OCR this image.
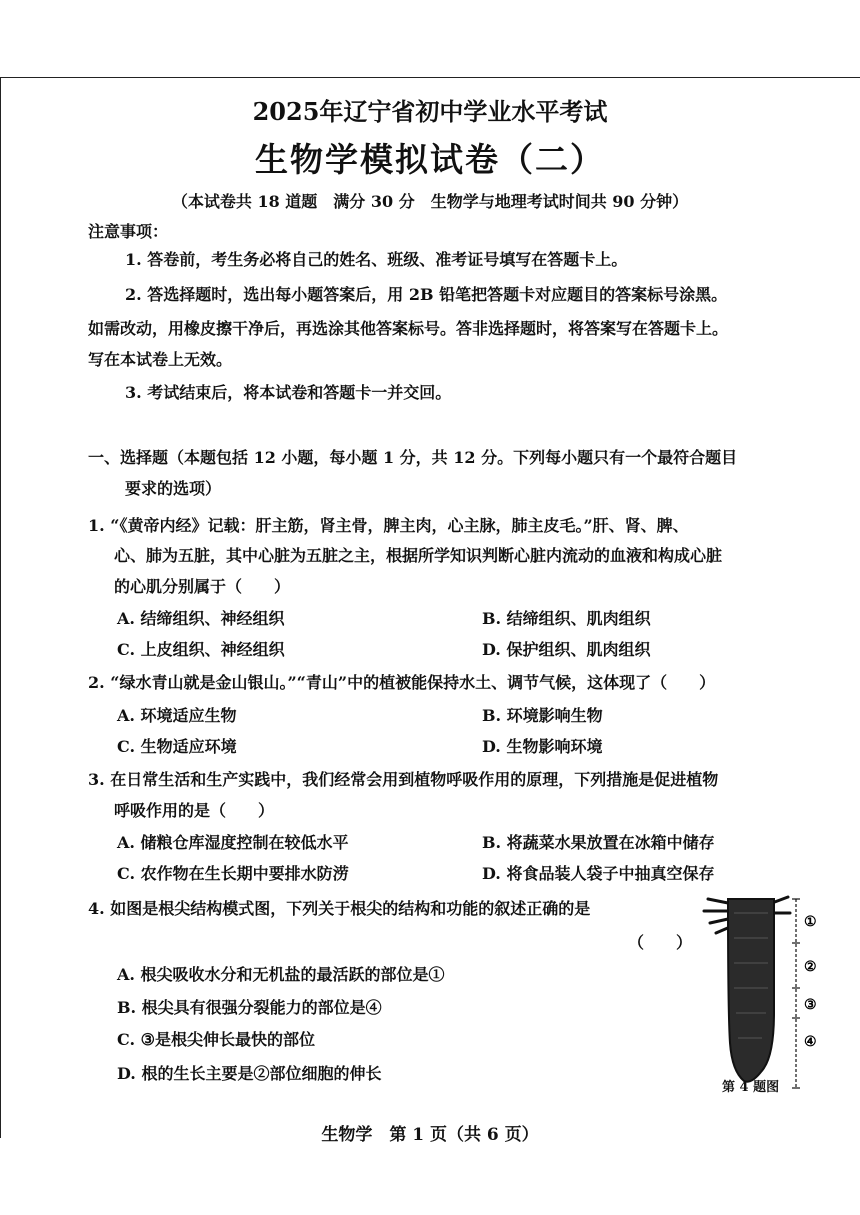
2025年辽宁省初中学业水平考试
生物学模拟试卷（二）
（本试卷共 18 道题　满分 30 分　生物学与地理考试时间共 90 分钟）
注意事项：
1. 答卷前，考生务必将自己的姓名、班级、准考证号填写在答题卡上。
2. 答选择题时，选出每小题答案后，用 2B 铅笔把答题卡对应题目的答案标号涂黑。
如需改动，用橡皮擦干净后，再选涂其他答案标号。答非选择题时，将答案写在答题卡上。
写在本试卷上无效。
3. 考试结束后，将本试卷和答题卡一并交回。
一、选择题（本题包括 12 小题，每小题 1 分，共 12 分。下列每小题只有一个最符合题目
要求的选项）
1. “《黄帝内经》记载：肝主筋，肾主骨，脾主肉，心主脉，肺主皮毛。”肝、肾、脾、
心、肺为五脏，其中心脏为五脏之主，根据所学知识判断心脏内流动的血液和构成心脏
的心肌分别属于（　　）
A. 结缔组织、神经组织	B. 结缔组织、肌肉组织
C. 上皮组织、神经组织	D. 保护组织、肌肉组织
2. “绿水青山就是金山银山。”“青山”中的植被能保持水土、调节气候，这体现了（　　）
A. 环境适应生物	B. 环境影响生物
C. 生物适应环境	D. 生物影响环境
3. 在日常生活和生产实践中，我们经常会用到植物呼吸作用的原理，下列措施是促进植物
呼吸作用的是（　　）
A. 储粮仓库湿度控制在较低水平	B. 将蔬菜水果放置在冰箱中储存
C. 农作物在生长期中要排水防涝	D. 将食品装人袋子中抽真空保存
4. 如图是根尖结构模式图，下列关于根尖的结构和功能的叙述正确的是
（　　）
A. 根尖吸收水分和无机盐的最活跃的部位是①
B. 根尖具有很强分裂能力的部位是④
C. ③是根尖伸长最快的部位
D. 根的生长主要是②部位细胞的伸长
①
②
③
④
第 4 题图
生物学　第 1 页（共 6 页）
